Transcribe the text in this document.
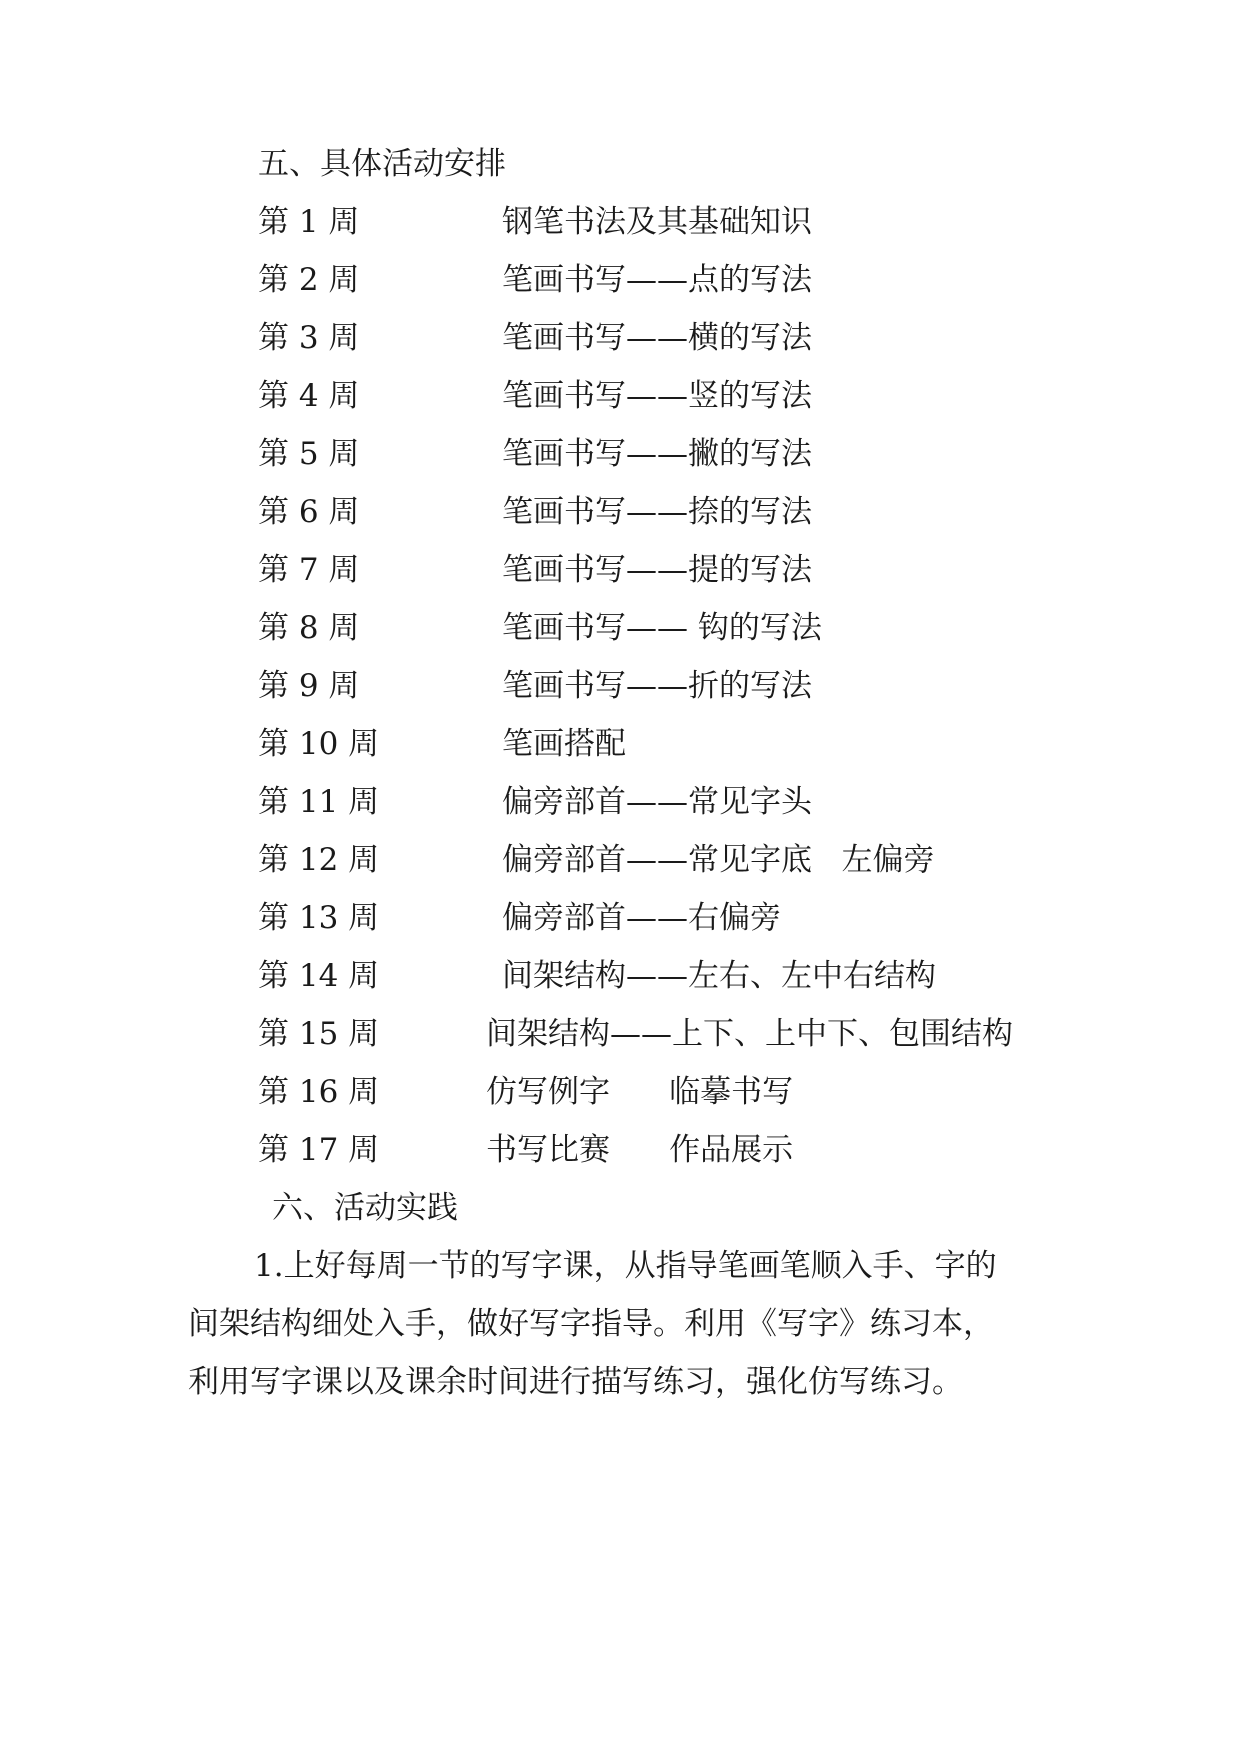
五、具体活动安排

第 1 周	钢笔书法及其基础知识
第 2 周	笔画书写——点的写法
第 3 周	笔画书写——横的写法
第 4 周	笔画书写——竖的写法
第 5 周	笔画书写——撇的写法
第 6 周	笔画书写——捺的写法
第 7 周	笔画书写——提的写法
第 8 周	笔画书写—— 钩的写法
第 9 周	笔画书写——折的写法
第 10 周	笔画搭配
第 11 周	偏旁部首——常见字头
第 12 周	偏旁部首——常见字底   左偏旁
第 13 周	偏旁部首——右偏旁
第 14 周	间架结构——左右、左中右结构
第 15 周	间架结构——上下、上中下、包围结构
第 16 周	仿写例字      临摹书写
第 17 周	书写比赛      作品展示

六、活动实践

1.上好每周一节的写字课，从指导笔画笔顺入手、字的

间架结构细处入手，做好写字指导。利用《写字》练习本，

利用写字课以及课余时间进行描写练习，强化仿写练习。
